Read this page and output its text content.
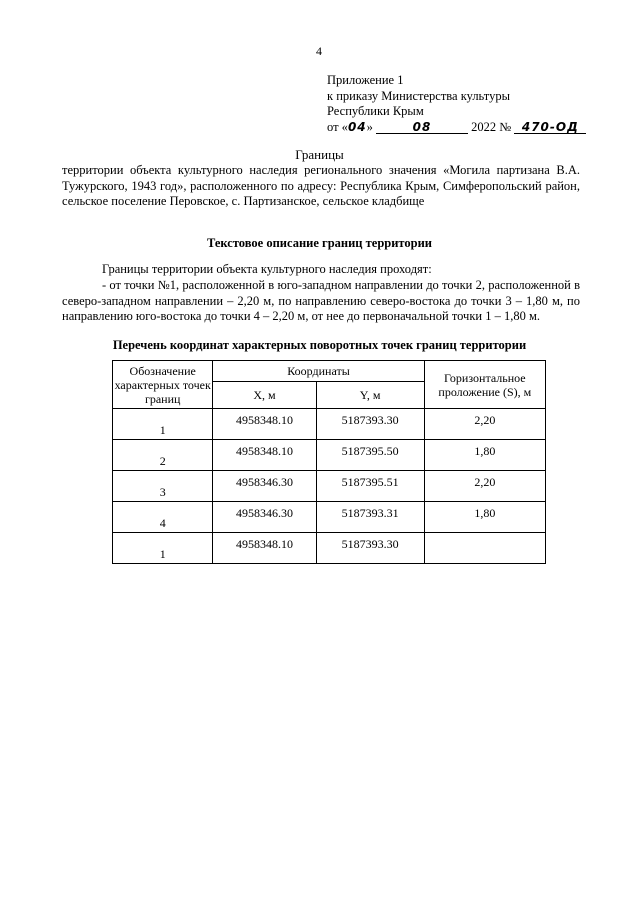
4
Приложение 1
к приказу Министерства культуры
Республики Крым
от «04»	08	2022 № 470-ОД
Границы
территории объекта культурного наследия регионального значения «Могила партизана В.А. Тужурского, 1943 год», расположенного по адресу: Республика Крым, Симферопольский район, сельское поселение Перовское, с. Партизанское, сельское кладбище
Текстовое описание границ территории
Границы территории объекта культурного наследия проходят:
- от точки №1, расположенной в юго-западном направлении до точки 2, расположенной в северо-западном направлении – 2,20 м, по направлению северо-востока до точки 3 – 1,80 м, по направлению юго-востока до точки 4 – 2,20 м, от нее до первоначальной точки 1 – 1,80 м.
Перечень координат характерных поворотных точек границ территории
Обозначение характерных точек границ	Координаты		Горизонтальное проложение (S), м
	X, м	Y, м	
1	4958348.10	5187393.30	2,20
2	4958348.10	5187395.50	1,80
3	4958346.30	5187395.51	2,20
4	4958346.30	5187393.31	1,80
1	4958348.10	5187393.30	
